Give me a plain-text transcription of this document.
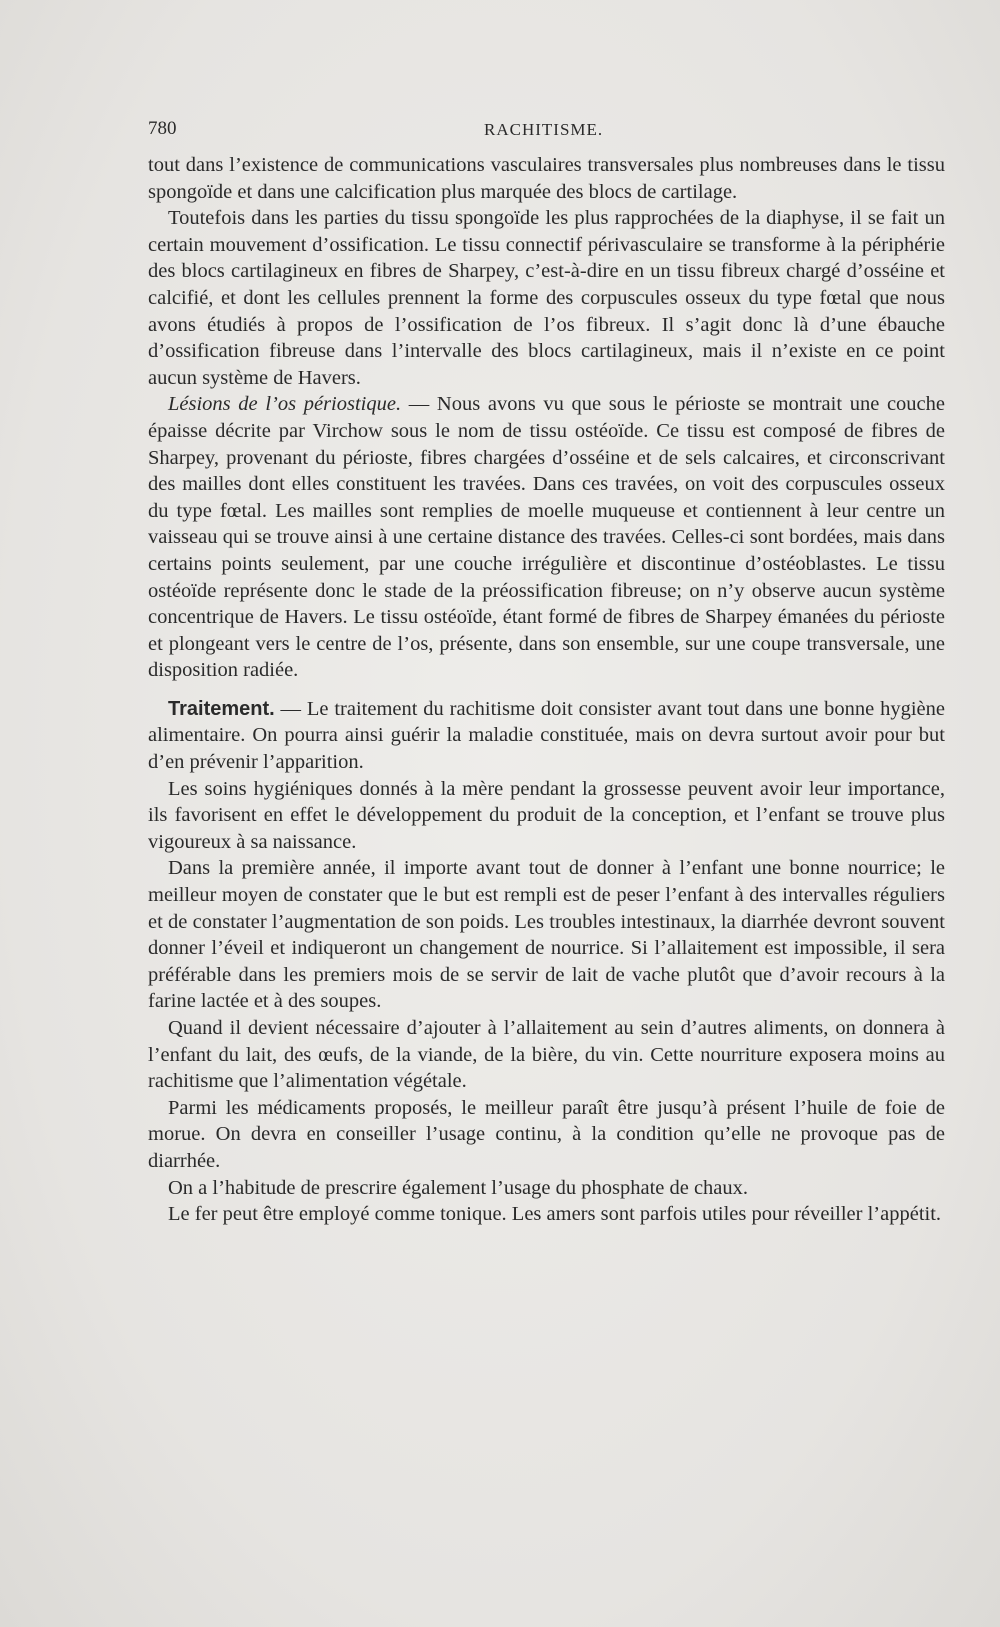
780	RACHITISME.

tout dans l’existence de communications vasculaires transversales plus nombreuses dans le tissu spongoïde et dans une calcification plus marquée des blocs de cartilage.

Toutefois dans les parties du tissu spongoïde les plus rapprochées de la diaphyse, il se fait un certain mouvement d’ossification. Le tissu connectif périvasculaire se transforme à la périphérie des blocs cartilagineux en fibres de Sharpey, c’est-à-dire en un tissu fibreux chargé d’osséine et calcifié, et dont les cellules prennent la forme des corpuscules osseux du type fœtal que nous avons étudiés à propos de l’ossification de l’os fibreux. Il s’agit donc là d’une ébauche d’ossification fibreuse dans l’intervalle des blocs cartilagineux, mais il n’existe en ce point aucun système de Havers.

Lésions de l’os périostique. — Nous avons vu que sous le périoste se montrait une couche épaisse décrite par Virchow sous le nom de tissu ostéoïde. Ce tissu est composé de fibres de Sharpey, provenant du périoste, fibres chargées d’osséine et de sels calcaires, et circonscrivant des mailles dont elles constituent les travées. Dans ces travées, on voit des corpuscules osseux du type fœtal. Les mailles sont remplies de moelle muqueuse et contiennent à leur centre un vaisseau qui se trouve ainsi à une certaine distance des travées. Celles-ci sont bordées, mais dans certains points seulement, par une couche irrégulière et discontinue d’ostéoblastes. Le tissu ostéoïde représente donc le stade de la préossification fibreuse; on n’y observe aucun système concentrique de Havers. Le tissu ostéoïde, étant formé de fibres de Sharpey émanées du périoste et plongeant vers le centre de l’os, présente, dans son ensemble, sur une coupe transversale, une disposition radiée.

Traitement. — Le traitement du rachitisme doit consister avant tout dans une bonne hygiène alimentaire. On pourra ainsi guérir la maladie constituée, mais on devra surtout avoir pour but d’en prévenir l’apparition.

Les soins hygiéniques donnés à la mère pendant la grossesse peuvent avoir leur importance, ils favorisent en effet le développement du produit de la conception, et l’enfant se trouve plus vigoureux à sa naissance.

Dans la première année, il importe avant tout de donner à l’enfant une bonne nourrice; le meilleur moyen de constater que le but est rempli est de peser l’enfant à des intervalles réguliers et de constater l’augmentation de son poids. Les troubles intestinaux, la diarrhée devront souvent donner l’éveil et indiqueront un changement de nourrice. Si l’allaitement est impossible, il sera préférable dans les premiers mois de se servir de lait de vache plutôt que d’avoir recours à la farine lactée et à des soupes.

Quand il devient nécessaire d’ajouter à l’allaitement au sein d’autres aliments, on donnera à l’enfant du lait, des œufs, de la viande, de la bière, du vin. Cette nourriture exposera moins au rachitisme que l’alimentation végétale.

Parmi les médicaments proposés, le meilleur paraît être jusqu’à présent l’huile de foie de morue. On devra en conseiller l’usage continu, à la condition qu’elle ne provoque pas de diarrhée.

On a l’habitude de prescrire également l’usage du phosphate de chaux.

Le fer peut être employé comme tonique. Les amers sont parfois utiles pour réveiller l’appétit.
